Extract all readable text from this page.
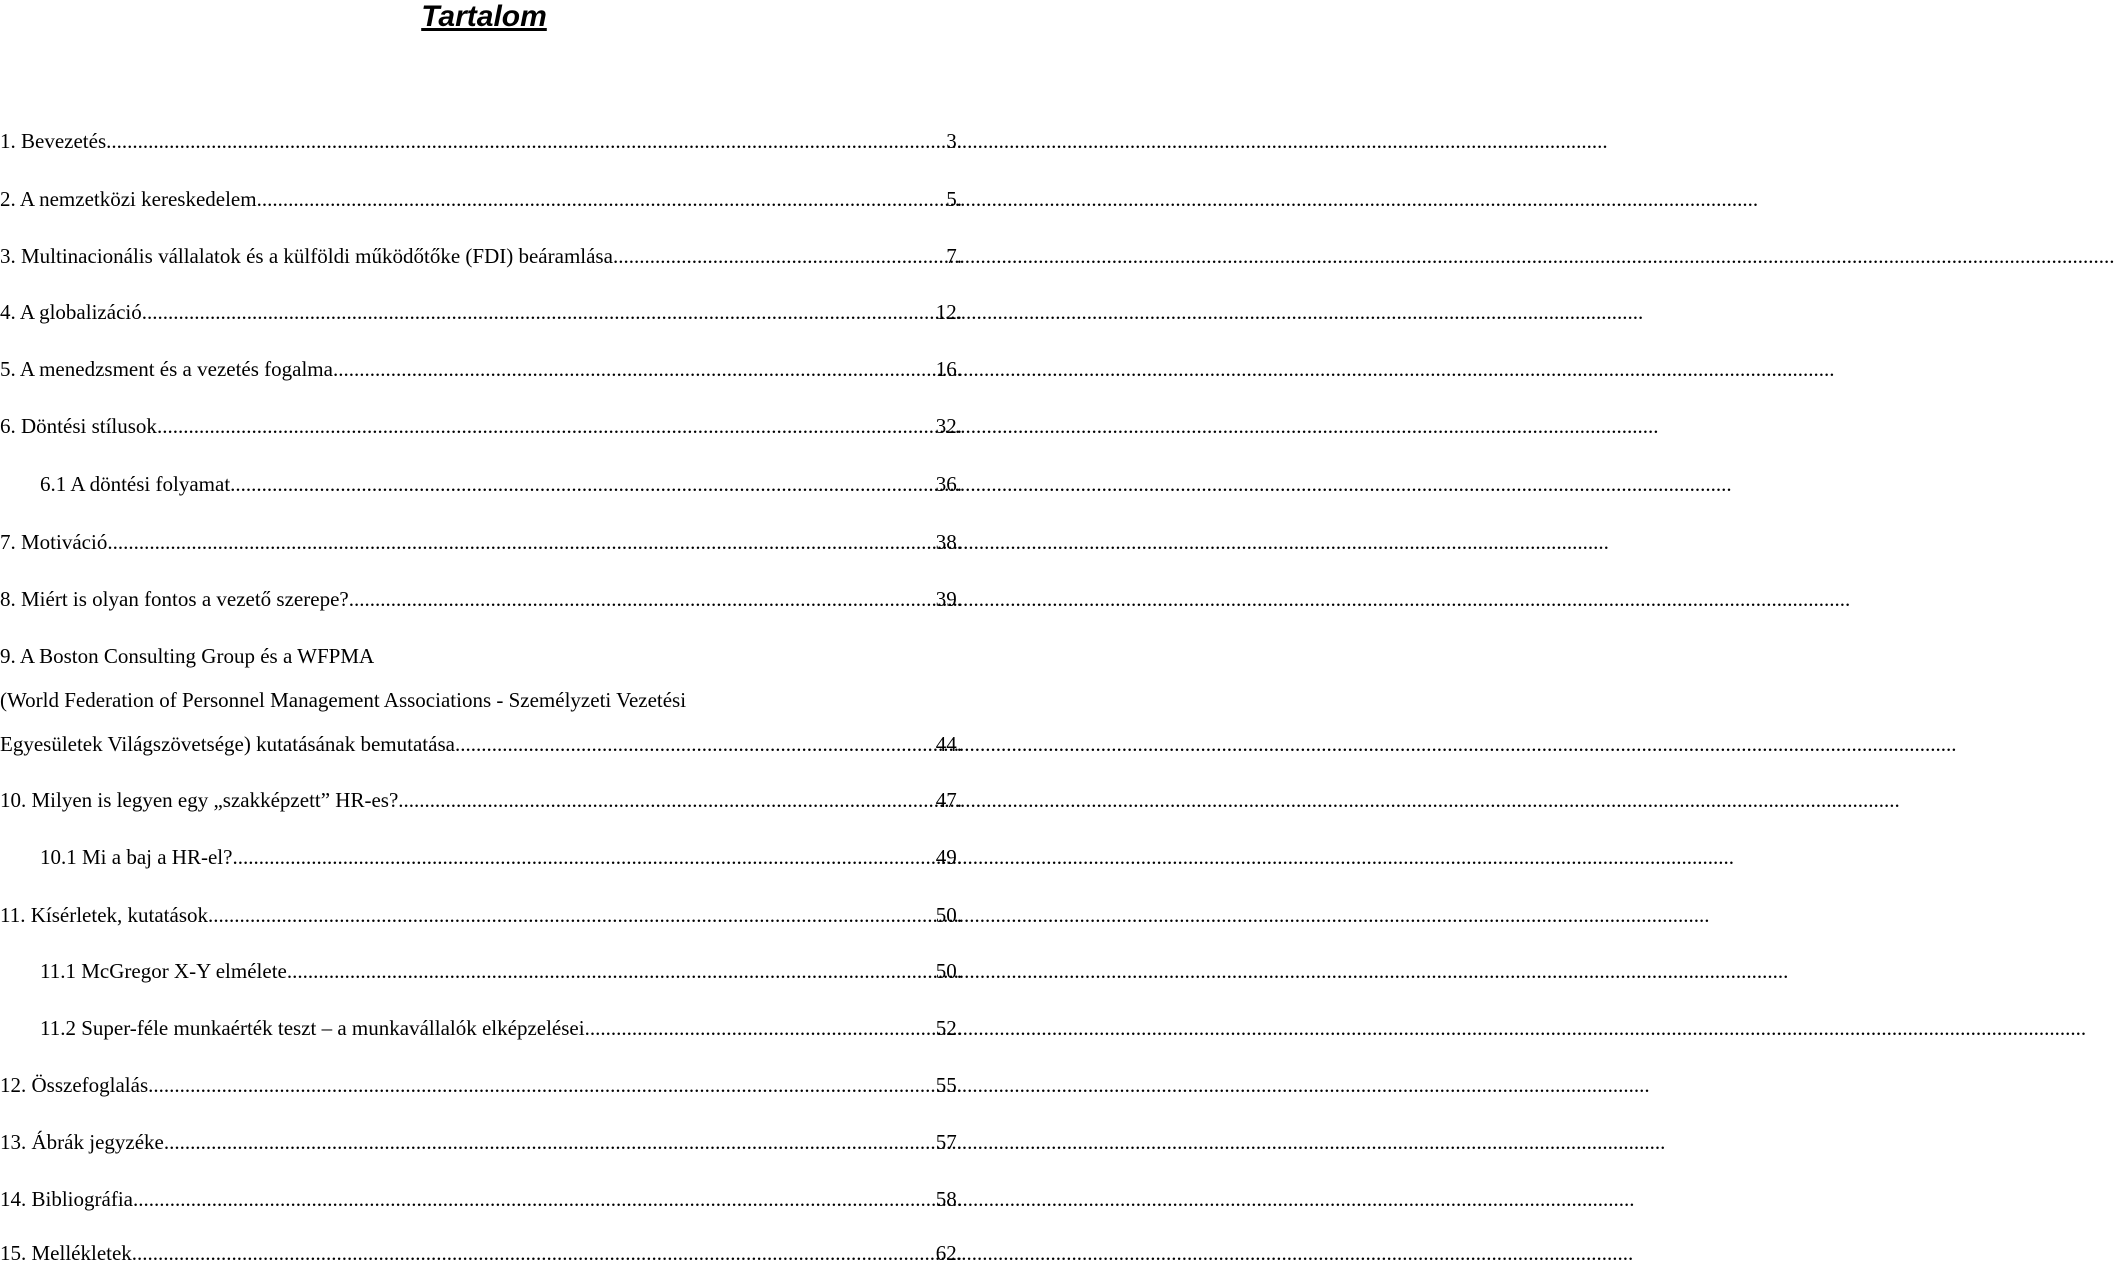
Tartalom
1. Bevezetés .....	3.
2. A nemzetközi kereskedelem .....	5.
3. Multinacionális vállalatok és a külföldi működőtőke (FDI) beáramlása .....	7.
4. A globalizáció .....	12.
5. A menedzsment és a vezetés fogalma .....	16.
6. Döntési stílusok .....	32.
6.1 A döntési folyamat .....	36.
7. Motiváció .....	38.
8. Miért is olyan fontos a vezető szerepe? .....	39.
9. A Boston Consulting Group és a WFPMA
(World Federation of Personnel Management Associations - Személyzeti Vezetési
Egyesületek Világszövetsége) kutatásának bemutatása .....	44.
10. Milyen is legyen egy „szakképzett” HR-es? .....	47.
10.1 Mi a baj a HR-el? .....	49.
11. Kísérletek, kutatások .....	50.
11.1 McGregor X-Y elmélete .....	50.
11.2 Super-féle munkaérték teszt – a munkavállalók elképzelései .....	52.
12. Összefoglalás .....	55.
13. Ábrák jegyzéke .....	57.
14. Bibliográfia .....	58.
15. Mellékletek .....	62.
